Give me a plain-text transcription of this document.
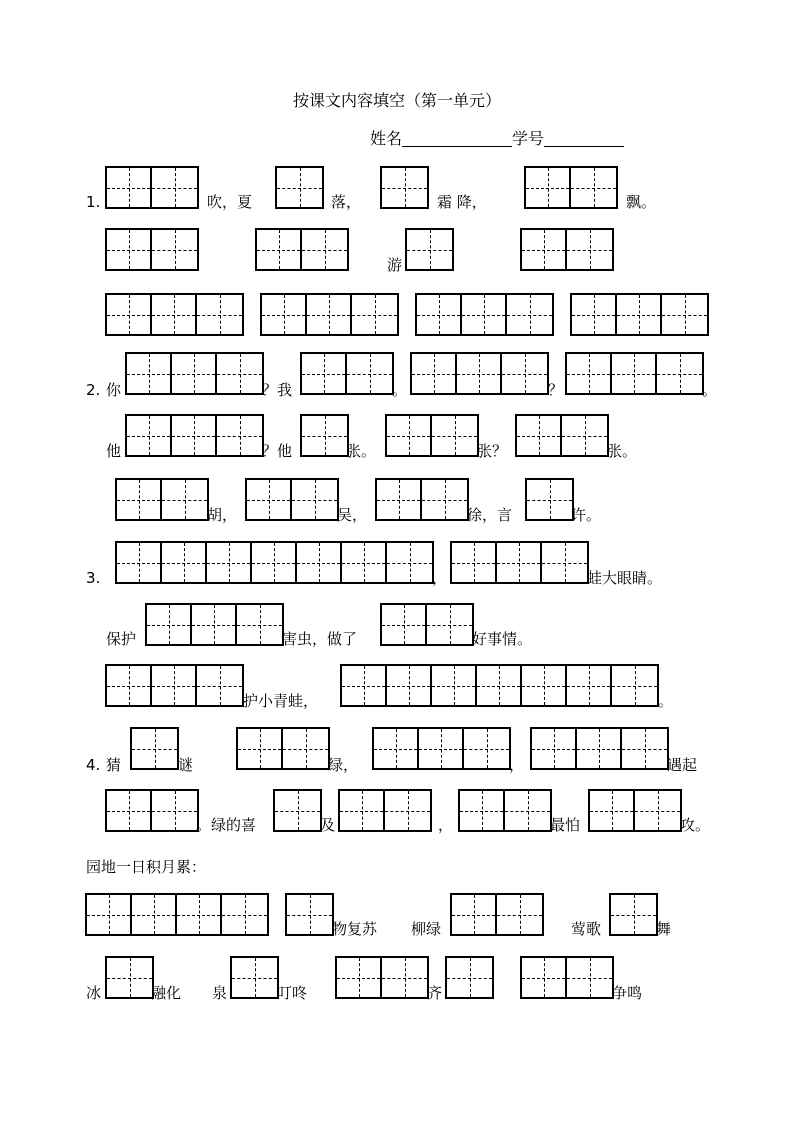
按课文内容填空（第一单元）
姓名	学号
1.	吹，夏	落，	霜 降，	飘。
游
2. 你	？我	。	？	。
他	？他	张。	张？	张。
胡，	吴，	徐，言	许。
3.	，	蛙大眼睛。
保护	害虫，做了	好事情。
护小青蛙，	。
4. 猜	谜	绿，	，	遇起
。绿的喜	及	，	最怕	攻。
园地一日积月累：
物复苏 柳绿	莺歌	舞
冰	融化 泉	叮咚	齐	争鸣
